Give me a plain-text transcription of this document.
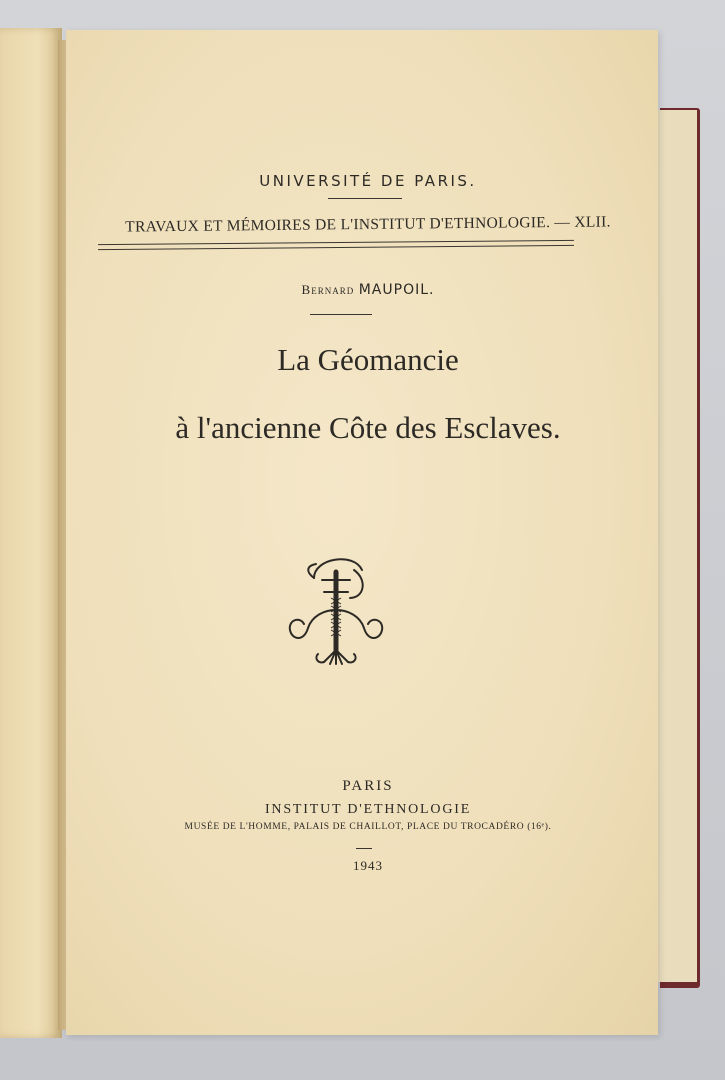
UNIVERSITÉ DE PARIS.
TRAVAUX ET MÉMOIRES DE L'INSTITUT D'ETHNOLOGIE. — XLII.
Bernard MAUPOIL.
La Géomancie
à l'ancienne Côte des Esclaves.
PARIS
INSTITUT D'ETHNOLOGIE
MUSÉE DE L'HOMME, PALAIS DE CHAILLOT, PLACE DU TROCADÉRO (16ᵉ).
1943
